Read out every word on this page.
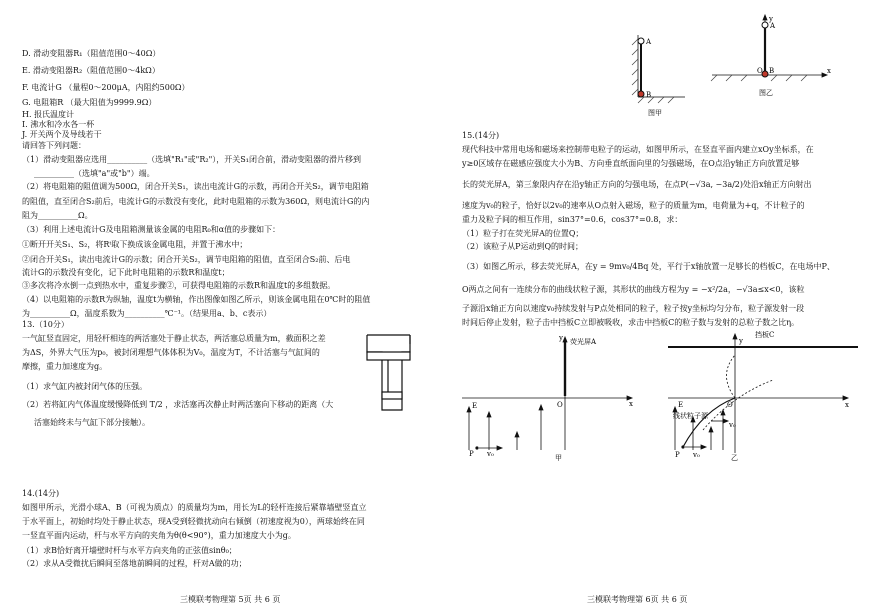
D. 滑动变阻器R₁（阻值范围0～40Ω）
E. 滑动变阻器R₂（阻值范围0～4kΩ）
F. 电流计G （量程0～200μA，内阻约500Ω）
G. 电阻箱R （最大阻值为9999.9Ω）
H. 报氏温度计
I. 沸水和冷水各一杯
J. 开关两个及导线若干
请回答下列问题：
（1）滑动变阻器应选用__________（选填"R₁"或"R₂"），开关S₁闭合前，滑动变阻器的滑片移到
__________（选填"a"或"b"）端。
（2）将电阻箱的阻值调为500Ω，闭合开关S₁，读出电流计G的示数，再闭合开关S₂，调节电阻箱
的阻值，直至闭合S₂前后，电流计G的示数没有变化，此时电阻箱的示数为360Ω，则电流计G的内
阻为__________Ω。
（3）利用上述电流计G及电阻箱测量该金属的电阻R₀和α值的步骤如下：
①断开开关S₁、S₂，将Rᵗ取下换成该金属电阻，并置于沸水中；
②闭合开关S₁，读出电流计G的示数；闭合开关S₂，调节电阻箱的阻值，直至闭合S₂前、后电
流计G的示数没有变化，记下此时电阻箱的示数R和温度t；
③多次将冷水倒一点到热水中，重复步骤②，可获得电阻箱的示数R和温度t的多组数据。
（4）以电阻箱的示数R为纵轴，温度t为横轴，作出图像如图乙所示，则该金属电阻在0℃时的阻值
为__________Ω，温度系数为__________℃⁻¹。（结果用a、b、c表示）
13.（10分）
一气缸竖直固定，用轻杆相连的两活塞处于静止状态，两活塞总质量为m，截面积之差
为ΔS，外界大气压为p₀，被封闭理想气体体积为V₀，温度为T，不计活塞与气缸间的
摩擦，重力加速度为g。
（1）求气缸内被封闭气体的压强。
（2）若将缸内气体温度缓慢降低到 T/2 ，求活塞再次静止时两活塞向下移动的距离（大
活塞始终未与气缸下部分接触）。
14.(14分)
如图甲所示，光滑小球A、B（可视为质点）的质量均为m，用长为L的轻杆连接后紧靠墙壁竖直立
于水平面上，初始时均处于静止状态，现A受到轻微扰动向右倾倒（初速度视为0），两球始终在同
一竖直平面内运动，杆与水平方向的夹角为θ(θ<90°)，重力加速度大小为g。
（1）求B恰好离开墙壁时杆与水平方向夹角的正弦值sinθ₀；
（2）求从A受微扰后瞬间至落地前瞬间的过程，杆对A做的功；
三模联考物理第 5页 共 6 页
A
B
图甲
y
A
O B	x
图乙
15.(14分)
现代科技中常用电场和磁场来控制带电粒子的运动，如图甲所示，在竖直平面内建立xOy坐标系，在
y≥0区域存在磁感应强度大小为B、方向垂直纸面向里的匀强磁场，在O点沿y轴正方向放置足够
长的荧光屏A，第三象限内存在沿y轴正方向的匀强电场，在点P(−√3a, −3a/2)处沿x轴正方向射出
速度为v₀的粒子，恰好以2v₀的速率从O点射入磁场，粒子的质量为m，电荷量为+q，不计粒子的
重力及粒子间的相互作用，sin37°=0.6，cos37°=0.8，求：
（1）粒子打在荧光屏A的位置Q；
（2）该粒子从P运动到Q的时间；
（3）如图乙所示，移去荧光屏A，在y = 9mv₀/4Bq 处，平行于x轴放置一足够长的档板C，在电场中P、
O两点之间有一连续分布的曲线状粒子源，其形状的曲线方程为y = −x²/2a，−√3a≤x<0，该粒
子源沿x轴正方向以速度v₀持续发射与P点处相同的粒子，粒子按y坐标均匀分布，粒子源发射一段
时间后停止发射，粒子击中挡板C立即被吸收，求击中挡板C的粒子数与发射的总粒子数之比η。
荧光屏A
y
O	x
E
P v₀	甲
挡板C
y
O	x
E
线状粒子源
P v₀
v₀
乙
三模联考物理第 6页 共 6 页
